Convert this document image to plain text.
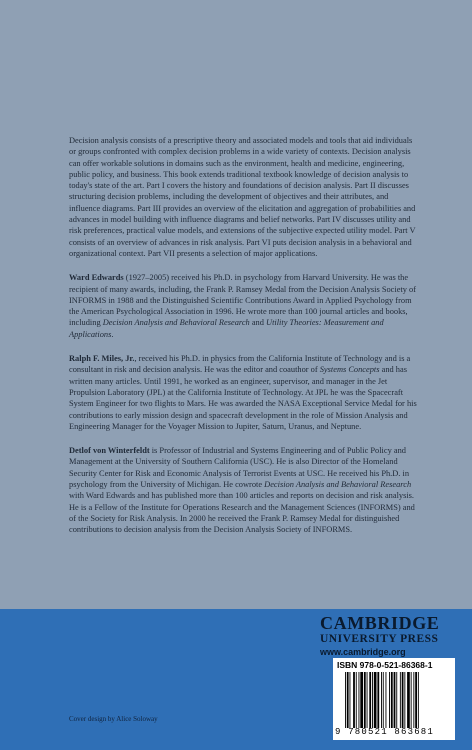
Decision analysis consists of a prescriptive theory and associated models and tools that aid individuals or groups confronted with complex decision problems in a wide variety of contexts. Decision analysis can offer workable solutions in domains such as the environment, health and medicine, engineering, public policy, and business. This book extends traditional textbook knowledge of decision analysis to today's state of the art. Part I covers the history and foundations of decision analysis. Part II discusses structuring decision problems, including the development of objectives and their attributes, and influence diagrams. Part III provides an overview of the elicitation and aggregation of probabilities and advances in model building with influence diagrams and belief networks. Part IV discusses utility and risk preferences, practical value models, and extensions of the subjective expected utility model. Part V consists of an overview of advances in risk analysis. Part VI puts decision analysis in a behavioral and organizational context. Part VII presents a selection of major applications.

Ward Edwards (1927–2005) received his Ph.D. in psychology from Harvard University. He was the recipient of many awards, including, the Frank P. Ramsey Medal from the Decision Analysis Society of INFORMS in 1988 and the Distinguished Scientific Contributions Award in Applied Psychology from the American Psychological Association in 1996. He wrote more than 100 journal articles and books, including Decision Analysis and Behavioral Research and Utility Theories: Measurement and Applications.

Ralph F. Miles, Jr., received his Ph.D. in physics from the California Institute of Technology and is a consultant in risk and decision analysis. He was the editor and coauthor of Systems Concepts and has written many articles. Until 1991, he worked as an engineer, supervisor, and manager in the Jet Propulsion Laboratory (JPL) at the California Institute of Technology. At JPL he was the Spacecraft System Engineer for two flights to Mars. He was awarded the NASA Exceptional Service Medal for his contributions to early mission design and spacecraft development in the role of Mission Analysis and Engineering Manager for the Voyager Mission to Jupiter, Saturn, Uranus, and Neptune.

Detlof von Winterfeldt is Professor of Industrial and Systems Engineering and of Public Policy and Management at the University of Southern California (USC). He is also Director of the Homeland Security Center for Risk and Economic Analysis of Terrorist Events at USC. He received his Ph.D. in psychology from the University of Michigan. He cowrote Decision Analysis and Behavioral Research with Ward Edwards and has published more than 100 articles and reports on decision and risk analysis. He is a Fellow of the Institute for Operations Research and the Management Sciences (INFORMS) and of the Society for Risk Analysis. In 2000 he received the Frank P. Ramsey Medal for distinguished contributions to decision analysis from the Decision Analysis Society of INFORMS.

CAMBRIDGE
UNIVERSITY PRESS
www.cambridge.org
ISBN 978-0-521-86368-1
9 780521 863681
Cover design by Alice Soloway
